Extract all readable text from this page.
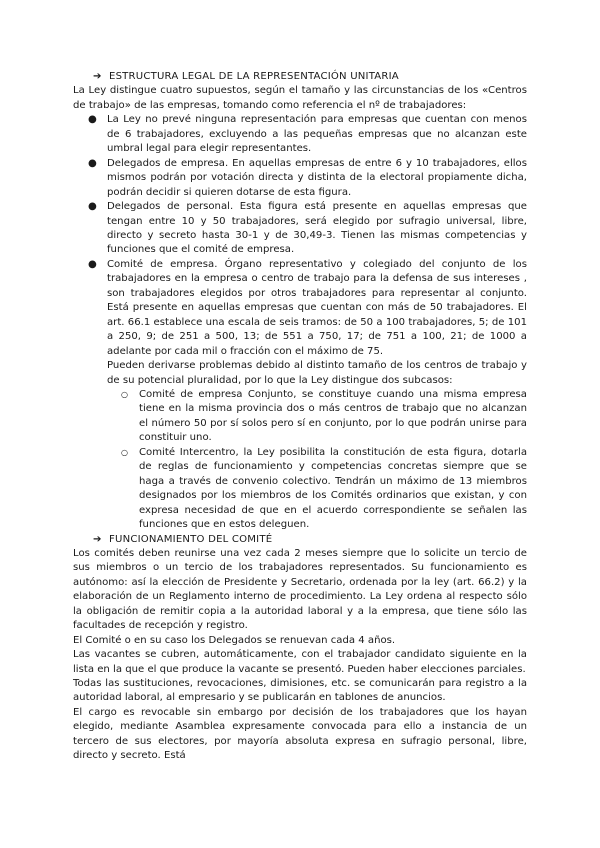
➔ ESTRUCTURA LEGAL DE LA REPRESENTACIÓN UNITARIA

La Ley distingue cuatro supuestos, según el tamaño y las circunstancias de los «Centros de trabajo» de las empresas, tomando como referencia el nº de trabajadores:

● La Ley no prevé ninguna representación para empresas que cuentan con menos de 6 trabajadores, excluyendo a las pequeñas empresas que no alcanzan este umbral legal para elegir representantes.
● Delegados de empresa. En aquellas empresas de entre 6 y 10 trabajadores, ellos mismos podrán por votación directa y distinta de la electoral propiamente dicha, podrán decidir si quieren dotarse de esta figura.
● Delegados de personal. Esta figura está presente en aquellas empresas que tengan entre 10 y 50 trabajadores, será elegido por sufragio universal, libre, directo y secreto hasta 30-1 y de 30,49-3. Tienen las mismas competencias y funciones que el comité de empresa.
● Comité de empresa. Órgano representativo y colegiado del conjunto de los trabajadores en la empresa o centro de trabajo para la defensa de sus intereses , son trabajadores elegidos por otros trabajadores para representar al conjunto. Está presente en aquellas empresas que cuentan con más de 50 trabajadores. El art. 66.1 establece una escala de seis tramos: de 50 a 100 trabajadores, 5; de 101 a 250, 9; de 251 a 500, 13; de 551 a 750, 17; de 751 a 100, 21; de 1000 a adelante por cada mil o fracción con el máximo de 75.

Pueden derivarse problemas debido al distinto tamaño de los centros de trabajo y de su potencial pluralidad, por lo que la Ley distingue dos subcasos:

○ Comité de empresa Conjunto, se constituye cuando una misma empresa tiene en la misma provincia dos o más centros de trabajo que no alcanzan el número 50 por sí solos pero sí en conjunto, por lo que podrán unirse para constituir uno.
○ Comité Intercentro, la Ley posibilita la constitución de esta figura, dotarla de reglas de funcionamiento y competencias concretas siempre que se haga a través de convenio colectivo. Tendrán un máximo de 13 miembros designados por los miembros de los Comités ordinarios que existan, y con expresa necesidad de que en el acuerdo correspondiente se señalen las funciones que en estos deleguen.

➔ FUNCIONAMIENTO DEL COMITÉ

Los comités deben reunirse una vez cada 2 meses siempre que lo solicite un tercio de sus miembros o un tercio de los trabajadores representados. Su funcionamiento es autónomo: así la elección de Presidente y Secretario, ordenada por la ley (art. 66.2) y la elaboración de un Reglamento interno de procedimiento. La Ley ordena al respecto sólo la obligación de remitir copia a la autoridad laboral y a la empresa, que tiene sólo las facultades de recepción y registro.

El Comité o en su caso los Delegados se renuevan cada 4 años.

Las vacantes se cubren, automáticamente, con el trabajador candidato siguiente en la lista en la que el que produce la vacante se presentó. Pueden haber elecciones parciales.

Todas las sustituciones, revocaciones, dimisiones, etc. se comunicarán para registro a la autoridad laboral, al empresario y se publicarán en tablones de anuncios.

El cargo es revocable sin embargo por decisión de los trabajadores que los hayan elegido, mediante Asamblea expresamente convocada para ello a instancia de un tercero de sus electores, por mayoría absoluta expresa en sufragio personal, libre, directo y secreto. Está
